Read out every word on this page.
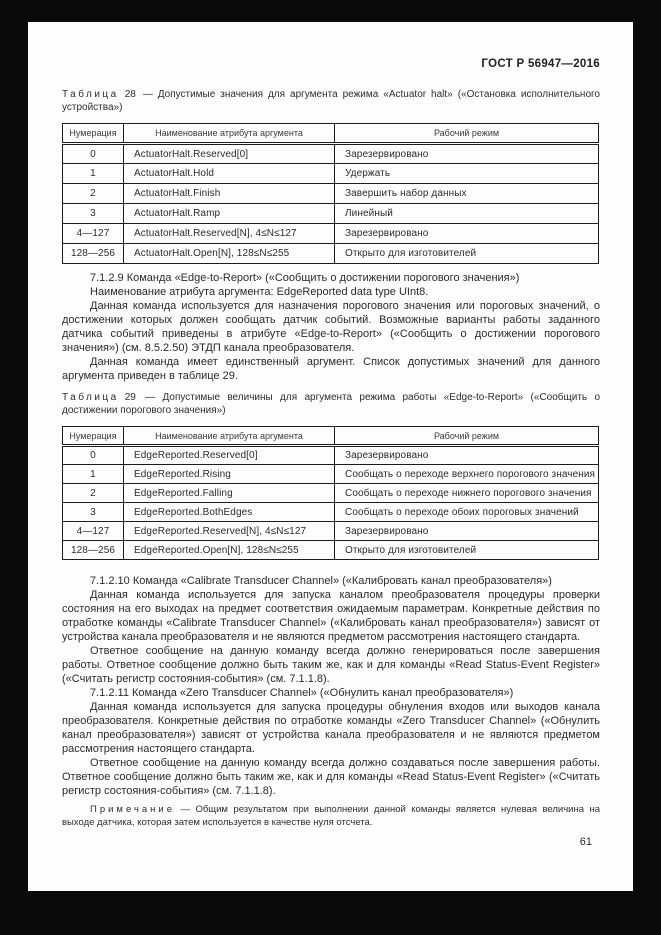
ГОСТ Р 56947—2016
Таблица 28 — Допустимые значения для аргумента режима «Actuator halt» («Остановка исполнительного устройства»)
Нумерация	Наименование атрибута аргумента	Рабочий режим
0	ActuatorHalt.Reserved[0]	Зарезервировано
1	ActuatorHalt.Hold	Удержать
2	ActuatorHalt.Finish	Завершить набор данных
3	ActuatorHalt.Ramp	Линейный
4—127	ActuatorHalt.Reserved[N], 4≤N≤127	Зарезервировано
128—256	ActuatorHalt.Open[N], 128≤N≤255	Открыто для изготовителей

7.1.2.9 Команда «Edge-to-Report» («Сообщить о достижении порогового значения»)

Наименование атрибута аргумента: EdgeReported data type UInt8.

Данная команда используется для назначения порогового значения или пороговых значений, о достижении которых должен сообщать датчик событий. Возможные варианты работы заданного датчика событий приведены в атрибуте «Edge-to-Report» («Сообщить о достижении порогового значения») (см. 8.5.2.50) ЭТДП канала преобразователя.

Данная команда имеет единственный аргумент. Список допустимых значений для данного аргумента приведен в таблице 29.

Таблица 29 — Допустимые величины для аргумента режима работы «Edge-to-Report» («Сообщить о достижении порогового значения»)
Нумерация	Наименование атрибута аргумента	Рабочий режим
0	EdgeReported.Reserved[0]	Зарезервировано
1	EdgeReported.Rising	Сообщать о переходе верхнего порогового значения
2	EdgeReported.Falling	Сообщать о переходе нижнего порогового значения
3	EdgeReported.BothEdges	Сообщать о переходе обоих пороговых значений
4—127	EdgeReported.Reserved[N], 4≤N≤127	Зарезервировано
128—256	EdgeReported.Open[N], 128≤N≤255	Открыто для изготовителей

7.1.2.10 Команда «Calibrate Transducer Channel» («Калибровать канал преобразователя»)

Данная команда используется для запуска каналом преобразователя процедуры проверки состояния на его выходах на предмет соответствия ожидаемым параметрам. Конкретные действия по отработке команды «Calibrate Transducer Channel» («Калибровать канал преобразователя») зависят от устройства канала преобразователя и не являются предметом рассмотрения настоящего стандарта.

Ответное сообщение на данную команду всегда должно генерироваться после завершения работы. Ответное сообщение должно быть таким же, как и для команды «Read Status-Event Register» («Считать регистр состояния-события» (см. 7.1.1.8).

7.1.2.11 Команда «Zero Transducer Channel» («Обнулить канал преобразователя»)

Данная команда используется для запуска процедуры обнуления входов или выходов канала преобразователя. Конкретные действия по отработке команды «Zero Transducer Channel» («Обнулить канал преобразователя») зависят от устройства канала преобразователя и не являются предметом рассмотрения настоящего стандарта.

Ответное сообщение на данную команду всегда должно создаваться после завершения работы. Ответное сообщение должно быть таким же, как и для команды «Read Status-Event Register» («Считать регистр состояния-события» (см. 7.1.1.8).

Примечание — Общим результатом при выполнении данной команды является нулевая величина на выходе датчика, которая затем используется в качестве нуля отсчета.
61
